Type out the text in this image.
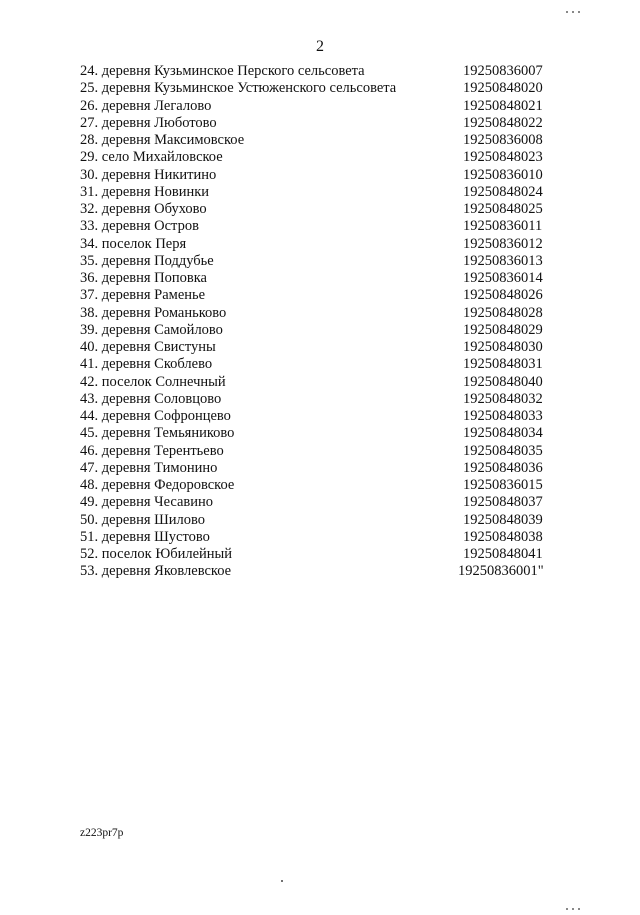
2
24. деревня Кузьминское Перского сельсовета	19250836007
25. деревня Кузьминское Устюженского сельсовета	19250848020
26. деревня Легалово	19250848021
27. деревня Люботово	19250848022
28. деревня Максимовское	19250836008
29. село Михайловское	19250848023
30. деревня Никитино	19250836010
31. деревня Новинки	19250848024
32. деревня Обухово	19250848025
33. деревня Остров	19250836011
34. поселок Перя	19250836012
35. деревня Поддубье	19250836013
36. деревня Поповка	19250836014
37. деревня Раменье	19250848026
38. деревня Романьково	19250848028
39. деревня Самойлово	19250848029
40. деревня Свистуны	19250848030
41. деревня Скоблево	19250848031
42. поселок Солнечный	19250848040
43. деревня Соловцово	19250848032
44. деревня Софронцево	19250848033
45. деревня Темьяниково	19250848034
46. деревня Терентьево	19250848035
47. деревня Тимонино	19250848036
48. деревня Федоровское	19250836015
49. деревня Чесавино	19250848037
50. деревня Шилово	19250848039
51. деревня Шустово	19250848038
52. поселок Юбилейный	19250848041
53. деревня Яковлевское	19250836001"
z223pr7p
